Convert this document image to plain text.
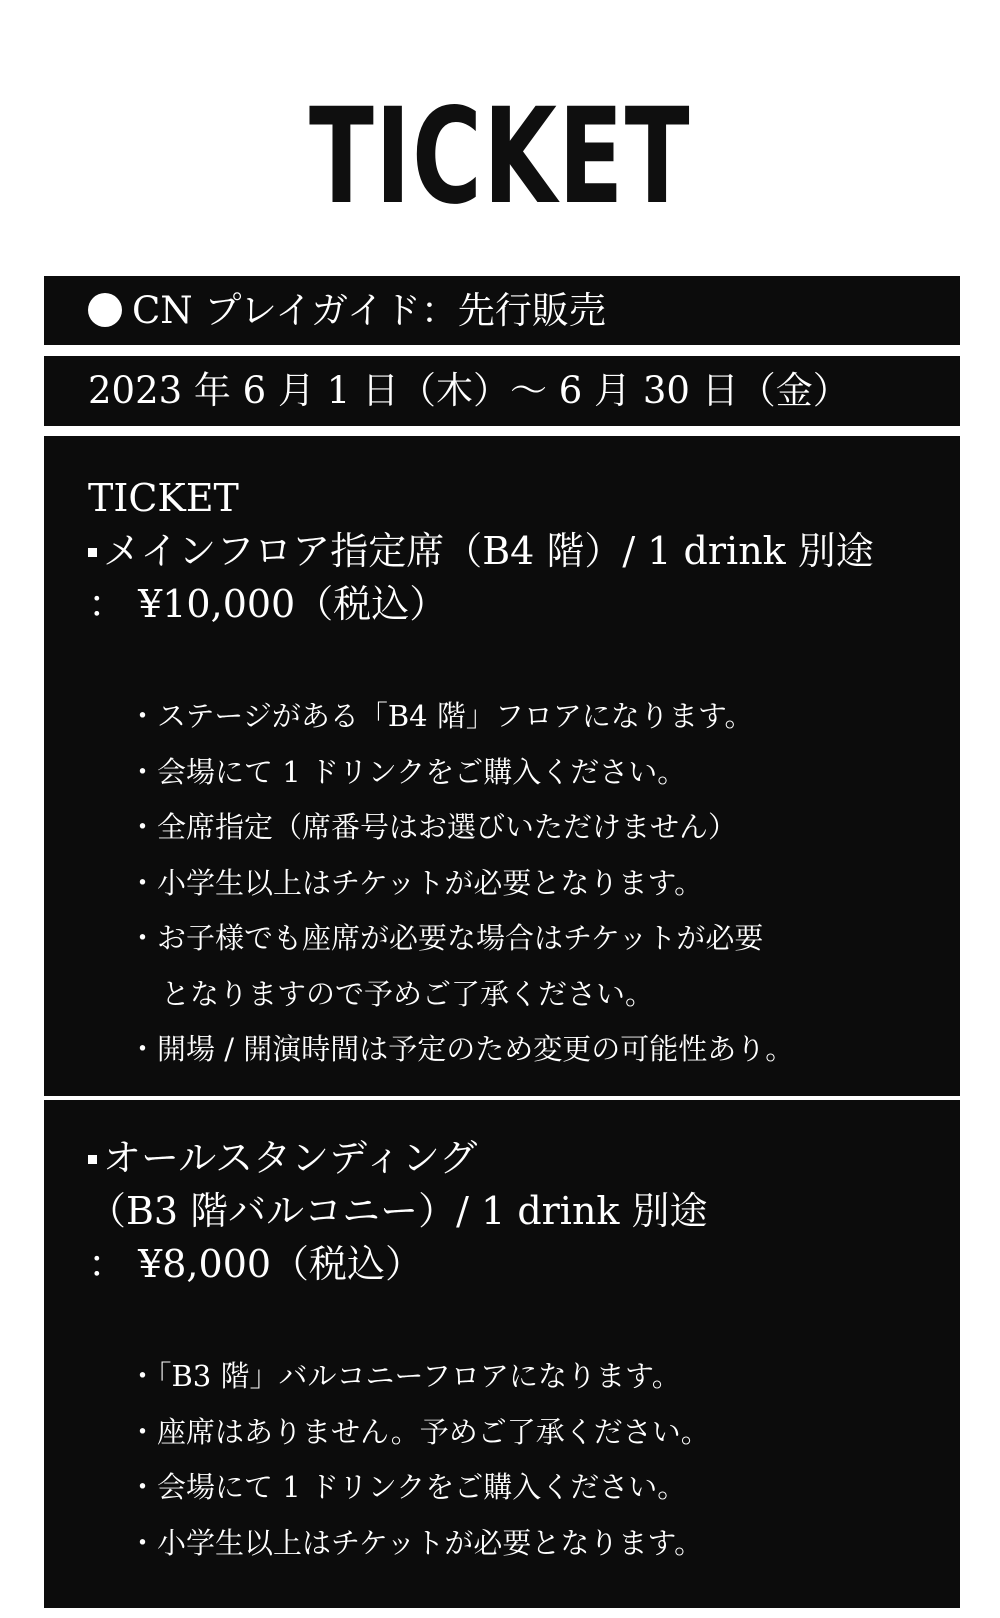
TICKET
CN プレイガイド：先行販売
2023 年 6 月 1 日（木）～ 6 月 30 日（金）
TICKET
メインフロア指定席（B4 階）/ 1 drink 別途
： ¥10,000（税込）
・ステージがある「B4 階」フロアになります。
・会場にて 1 ドリンクをご購入ください。
・全席指定（席番号はお選びいただけません）
・小学生以上はチケットが必要となります。
・お子様でも座席が必要な場合はチケットが必要
となりますので予めご了承ください。
・開場 / 開演時間は予定のため変更の可能性あり。
オールスタンディング
（B3 階バルコニー）/ 1 drink 別途
： ¥8,000（税込）
・「B3 階」バルコニーフロアになります。
・座席はありません。予めご了承ください。
・会場にて 1 ドリンクをご購入ください。
・小学生以上はチケットが必要となります。
